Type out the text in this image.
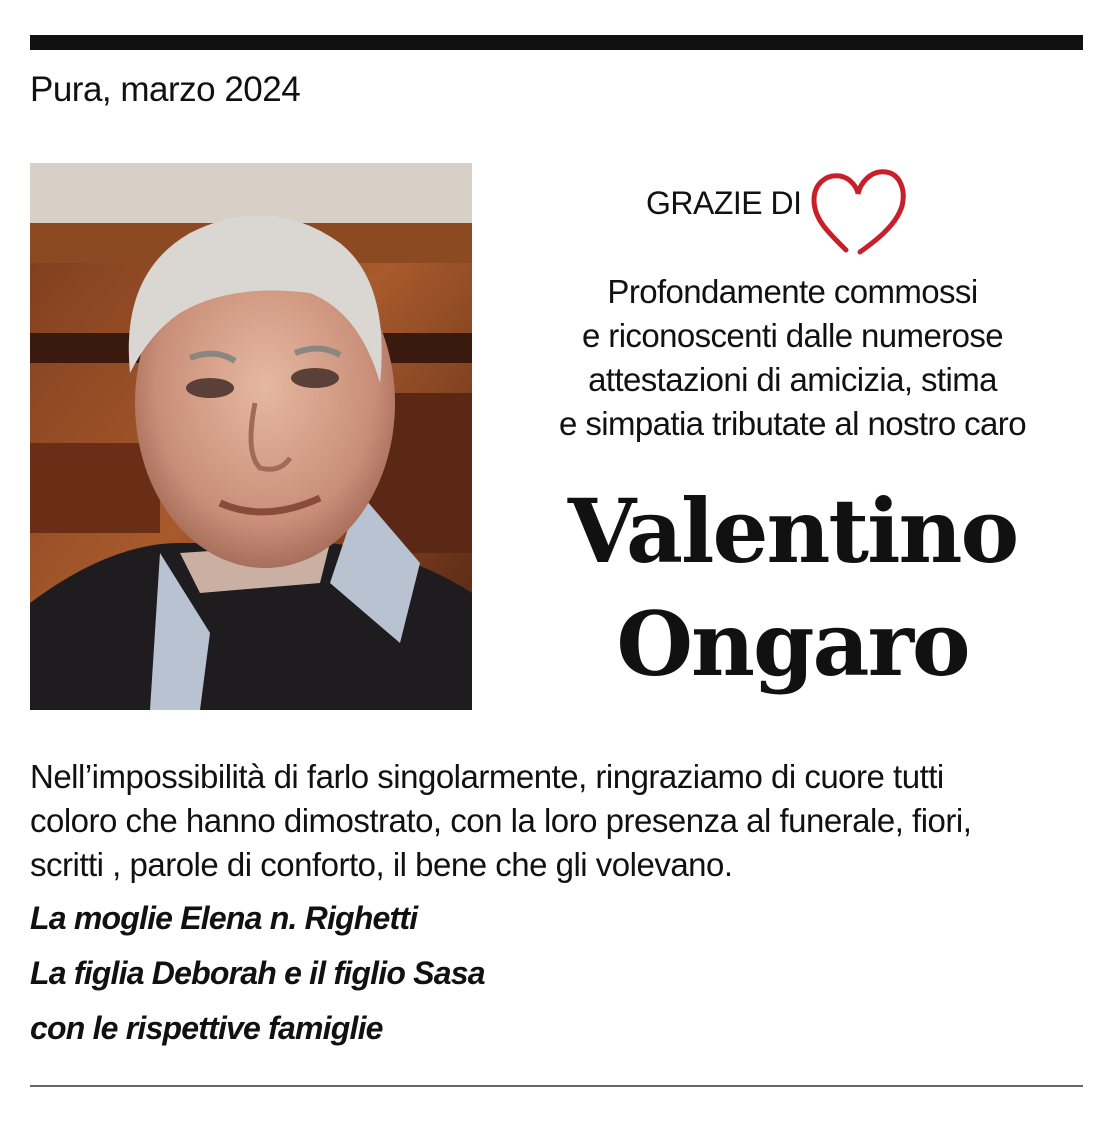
Pura, marzo 2024
GRAZIE DI
Profondamente commossi
e riconoscenti dalle numerose
attestazioni di amicizia, stima
e simpatia tributate al nostro caro
Valentino
Ongaro
Nell’impossibilità di farlo singolarmente, ringraziamo di cuore tutti
coloro che hanno dimostrato, con la loro presenza al funerale, fiori,
scritti , parole di conforto, il bene che gli volevano.
La moglie Elena n. Righetti
La figlia Deborah e il figlio Sasa
con le rispettive famiglie
